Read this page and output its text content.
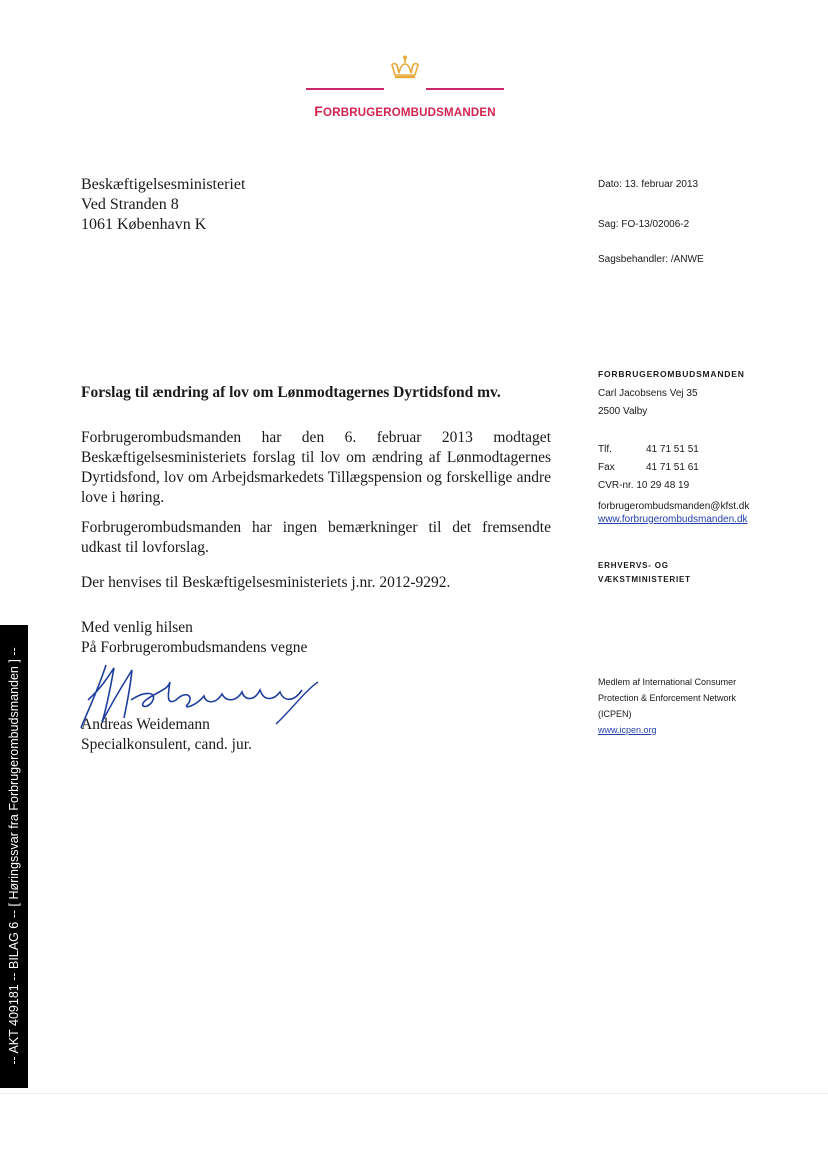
FORBRUGEROMBUDSMANDEN
Beskæftigelsesministeriet
Ved Stranden 8
1061 København K
Dato: 13. februar 2013
Sag: FO-13/02006-2
Sagsbehandler: /ANWE
Forslag til ændring af lov om Lønmodtagernes Dyrtidsfond mv.
Forbrugerombudsmanden har den 6. februar 2013 modtaget Beskæftigelsesministeriets forslag til lov om ændring af Lønmodtagernes Dyrtidsfond, lov om Arbejdsmarkedets Tillægspension og forskellige andre love i høring.
Forbrugerombudsmanden har ingen bemærkninger til det fremsendte udkast til lovforslag.
Der henvises til Beskæftigelsesministeriets j.nr. 2012-9292.
Med venlig hilsen
På Forbrugerombudsmandens vegne
Andreas Weidemann
Specialkonsulent, cand. jur.
FORBRUGEROMBUDSMANDEN
Carl Jacobsens Vej 35
2500 Valby
Tlf.	41 71 51 51
Fax	41 71 51 61
CVR-nr. 10 29 48 19
forbrugerombudsmanden@kfst.dk
www.forbrugerombudsmanden.dk
ERHVERVS- OG
VÆKSTMINISTERIET
Medlem af International Consumer
Protection & Enforcement Network
(ICPEN)
www.icpen.org
-- AKT 409181 -- BILAG 6 -- [ Høringssvar fra Forbrugerombudsmanden ] --
